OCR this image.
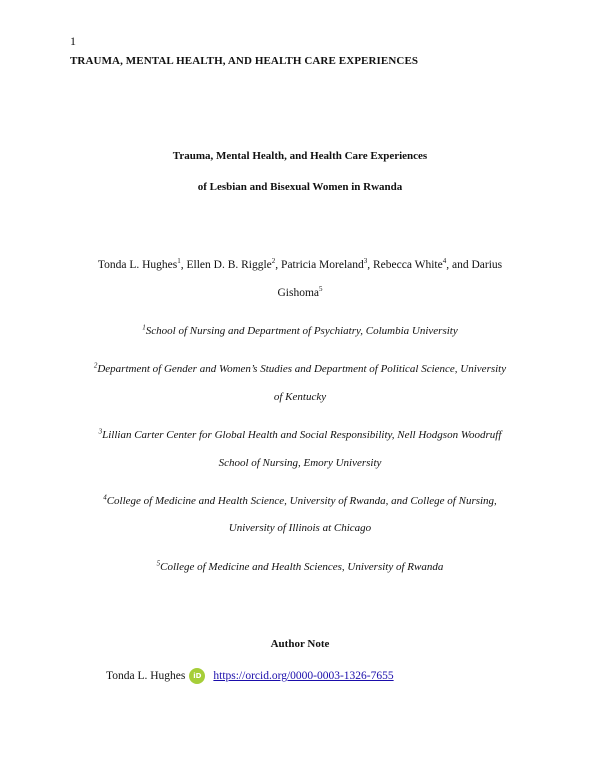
1
TRAUMA, MENTAL HEALTH, AND HEALTH CARE EXPERIENCES
Trauma, Mental Health, and Health Care Experiences
of Lesbian and Bisexual Women in Rwanda
Tonda L. Hughes$^1$, Ellen D. B. Riggle$^2$, Patricia Moreland$^3$, Rebecca White$^4$, and Darius
Gishoma$^5$
$^1$School of Nursing and Department of Psychiatry, Columbia University
$^2$Department of Gender and Women’s Studies and Department of Political Science, University
of Kentucky
$^3$Lillian Carter Center for Global Health and Social Responsibility, Nell Hodgson Woodruff
School of Nursing, Emory University
$^4$College of Medicine and Health Science, University of Rwanda, and College of Nursing,
University of Illinois at Chicago
$^5$College of Medicine and Health Sciences, University of Rwanda
Author Note
Tonda L. Hughes	iD	https://orcid.org/0000-0003-1326-7655
